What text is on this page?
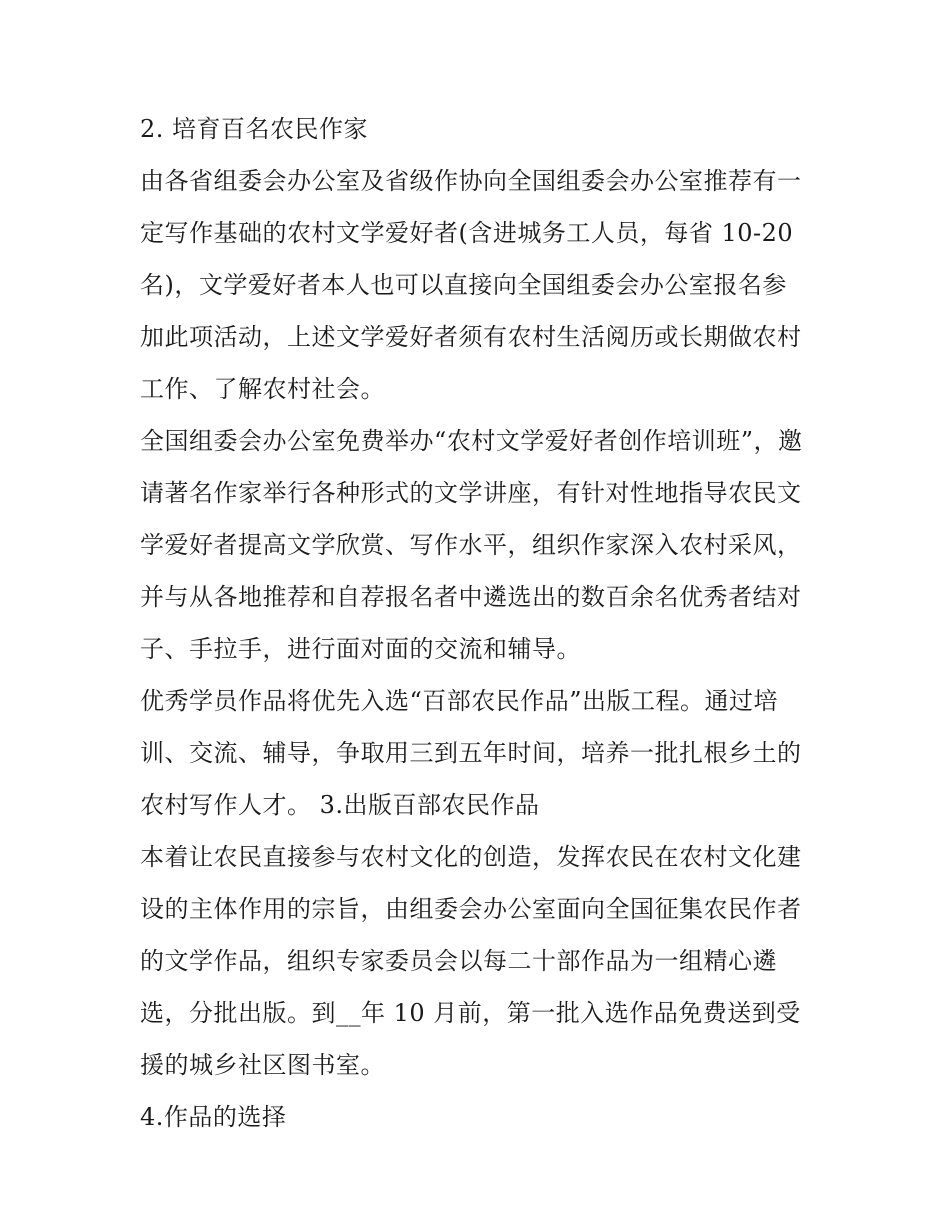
2. 培育百名农民作家
由各省组委会办公室及省级作协向全国组委会办公室推荐有一
定写作基础的农村文学爱好者(含进城务工人员，每省 10-20
名)，文学爱好者本人也可以直接向全国组委会办公室报名参
加此项活动，上述文学爱好者须有农村生活阅历或长期做农村
工作、了解农村社会。
全国组委会办公室免费举办“农村文学爱好者创作培训班”，邀
请著名作家举行各种形式的文学讲座，有针对性地指导农民文
学爱好者提高文学欣赏、写作水平，组织作家深入农村采风，
并与从各地推荐和自荐报名者中遴选出的数百余名优秀者结对
子、手拉手，进行面对面的交流和辅导。
优秀学员作品将优先入选“百部农民作品”出版工程。通过培
训、交流、辅导，争取用三到五年时间，培养一批扎根乡土的
农村写作人才。 3.出版百部农民作品
本着让农民直接参与农村文化的创造，发挥农民在农村文化建
设的主体作用的宗旨，由组委会办公室面向全国征集农民作者
的文学作品，组织专家委员会以每二十部作品为一组精心遴
选，分批出版。到__年 10 月前，第一批入选作品免费送到受
援的城乡社区图书室。
4.作品的选择
